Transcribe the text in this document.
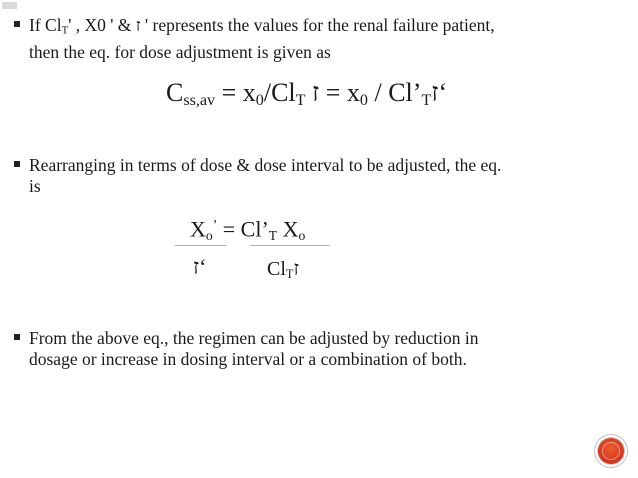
If $Cl_T'$ , X0 ' & ז ' represents the values for the renal failure patient,
then the eq. for dose adjustment is given as
$C_{ss,av} = x_0/Cl_T$ ז = $x_0$ / $Cl’_Tז‘$
Rearranging in terms of dose & dose interval to be adjusted, the eq.
is
$X_o^’$ = $Cl’_T$ $X_o$
ז‘	$Cl_Tז$
From the above eq., the regimen can be adjusted by reduction in
dosage or increase in dosing interval or a combination of both.
